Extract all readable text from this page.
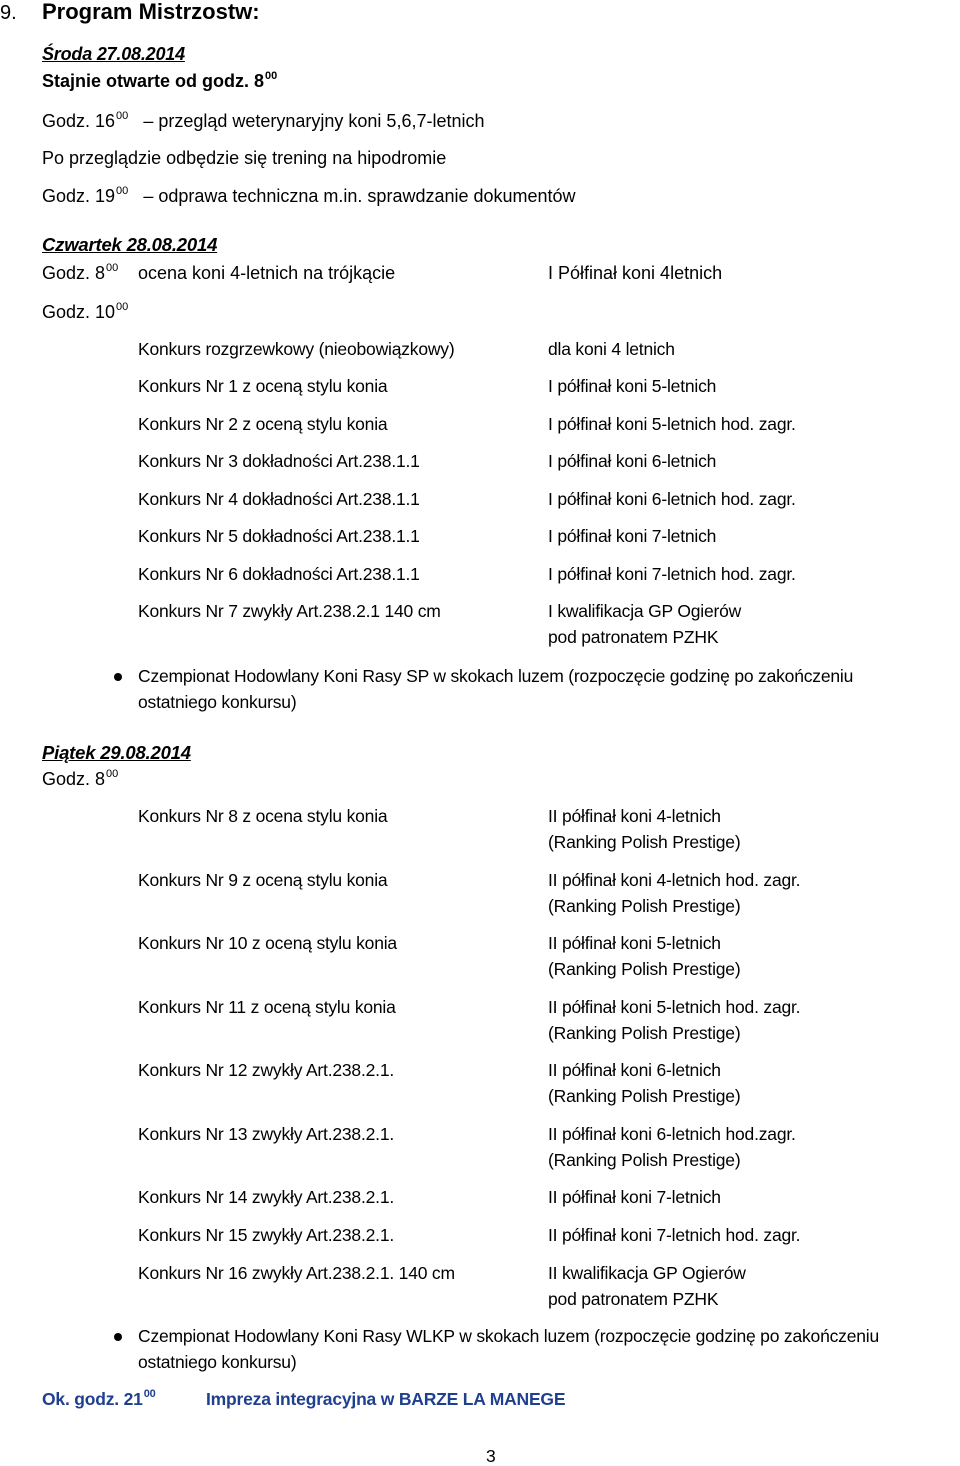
9. Program Mistrzostw:
Środa 27.08.2014
Stajnie otwarte od godz. $8^{00}$
Godz. $16^{00}$ – przegląd weterynaryjny koni 5,6,7-letnich
Po przeglądzie odbędzie się trening na hipodromie
Godz. $19^{00}$ – odprawa techniczna m.in. sprawdzanie dokumentów
Czwartek 28.08.2014
Godz. $8^{00}$ ocena koni 4-letnich na trójkącie	I Półfinał koni 4letnich
Godz. $10^{00}$
Konkurs rozgrzewkowy (nieobowiązkowy)	dla koni 4 letnich
Konkurs Nr 1 z oceną stylu konia	I półfinał koni 5-letnich
Konkurs Nr 2 z oceną stylu konia	I półfinał koni 5-letnich hod. zagr.
Konkurs Nr 3 dokładności Art.238.1.1	I półfinał koni 6-letnich
Konkurs Nr 4 dokładności Art.238.1.1	I półfinał koni 6-letnich hod. zagr.
Konkurs Nr 5 dokładności Art.238.1.1	I półfinał koni 7-letnich
Konkurs Nr 6 dokładności Art.238.1.1	I półfinał koni 7-letnich hod. zagr.
Konkurs Nr 7 zwykły Art.238.2.1 140 cm	I kwalifikacja GP Ogierów
pod patronatem PZHK
Czempionat Hodowlany Koni Rasy SP w skokach luzem (rozpoczęcie godzinę po zakończeniu
ostatniego konkursu)
Piątek 29.08.2014
Godz. $8^{00}$
Konkurs Nr 8 z ocena stylu konia	II półfinał koni 4-letnich
(Ranking Polish Prestige)
Konkurs Nr 9 z oceną stylu konia	II półfinał koni 4-letnich hod. zagr.
(Ranking Polish Prestige)
Konkurs Nr 10 z oceną stylu konia	II półfinał koni 5-letnich
(Ranking Polish Prestige)
Konkurs Nr 11 z oceną stylu konia	II półfinał koni 5-letnich hod. zagr.
(Ranking Polish Prestige)
Konkurs Nr 12 zwykły Art.238.2.1.	II półfinał koni 6-letnich
(Ranking Polish Prestige)
Konkurs Nr 13 zwykły Art.238.2.1.	II półfinał koni 6-letnich hod.zagr.
(Ranking Polish Prestige)
Konkurs Nr 14 zwykły Art.238.2.1.	II półfinał koni 7-letnich
Konkurs Nr 15 zwykły Art.238.2.1.	II półfinał koni 7-letnich hod. zagr.
Konkurs Nr 16 zwykły Art.238.2.1. 140 cm	II kwalifikacja GP Ogierów
pod patronatem PZHK
Czempionat Hodowlany Koni Rasy WLKP w skokach luzem (rozpoczęcie godzinę po zakończeniu
ostatniego konkursu)
Ok. godz. $21^{00}$	Impreza integracyjna w BARZE LA MANEGE
3
